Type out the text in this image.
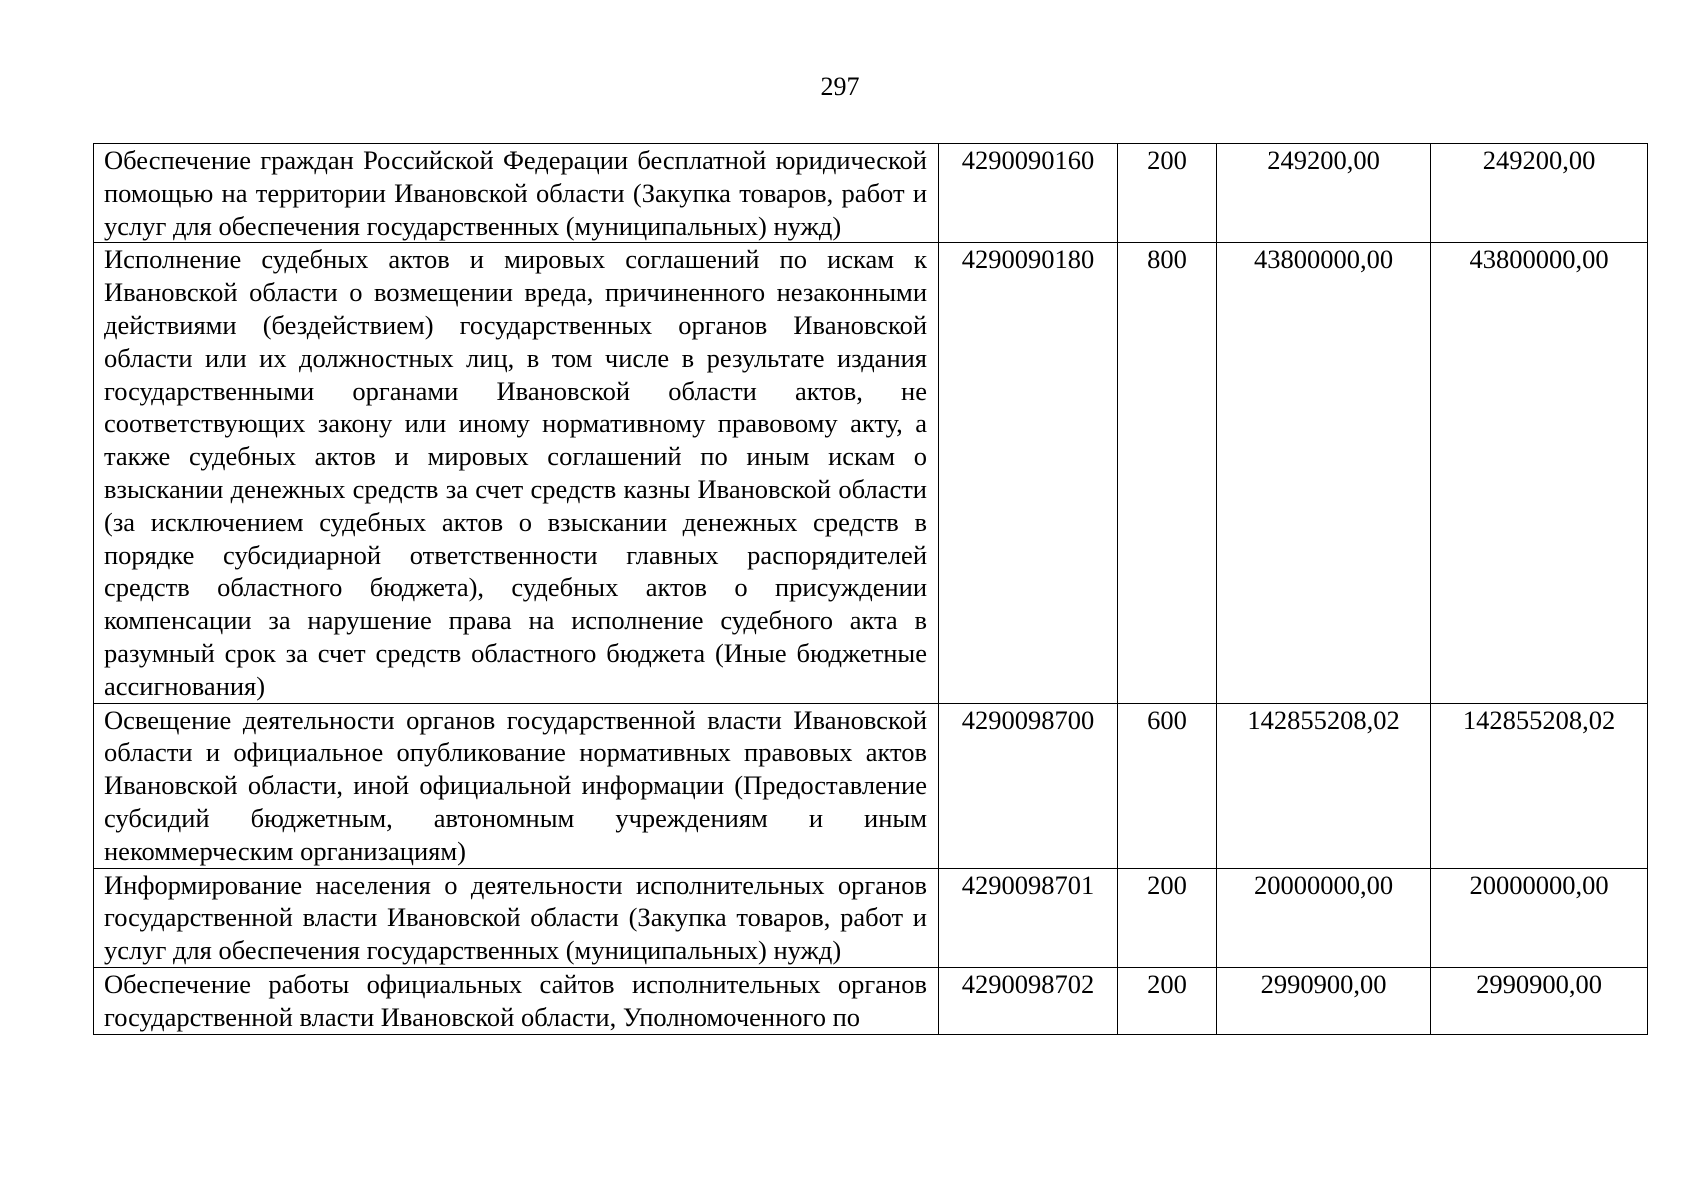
297
Обеспечение граждан Российской Федерации бесплатной юридической помощью на территории Ивановской области (Закупка товаров, работ и услуг для обеспечения государственных (муниципальных) нужд)	4290090160	200	249200,00	249200,00
Исполнение судебных актов и мировых соглашений по искам к Ивановской области о возмещении вреда, причиненного незаконными действиями (бездействием) государственных органов Ивановской области или их должностных лиц, в том числе в результате издания государственными органами Ивановской области актов, не соответствующих закону или иному нормативному правовому акту, а также судебных актов и мировых соглашений по иным искам о взыскании денежных средств за счет средств казны Ивановской области (за исключением судебных актов о взыскании денежных средств в порядке субсидиарной ответственности главных распорядителей средств областного бюджета), судебных актов о присуждении компенсации за нарушение права на исполнение судебного акта в разумный срок за счет средств областного бюджета (Иные бюджетные ассигнования)	4290090180	800	43800000,00	43800000,00
Освещение деятельности органов государственной власти Ивановской области и официальное опубликование нормативных правовых актов Ивановской области, иной официальной информации (Предоставление субсидий бюджетным, автономным учреждениям и иным некоммерческим организациям)	4290098700	600	142855208,02	142855208,02
Информирование населения о деятельности исполнительных органов государственной власти Ивановской области (Закупка товаров, работ и услуг для обеспечения государственных (муниципальных) нужд)	4290098701	200	20000000,00	20000000,00
Обеспечение работы официальных сайтов исполнительных органов государственной власти Ивановской области, Уполномоченного по	4290098702	200	2990900,00	2990900,00
